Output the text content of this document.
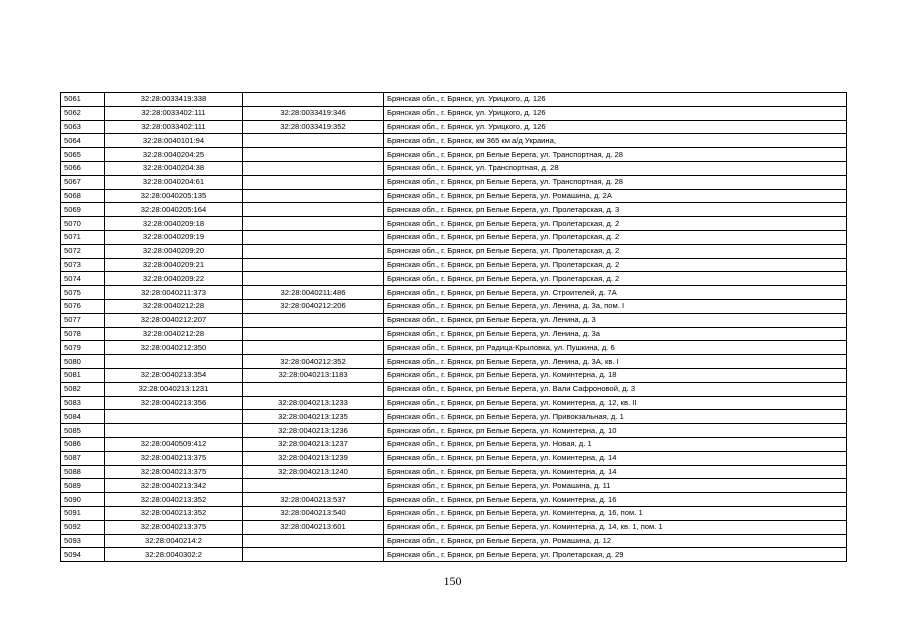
5061	32:28:0033419:338		Брянская обл., г. Брянск, ул. Урицкого, д. 126
5062	32:28:0033402:111	32:28:0033419:346	Брянская обл., г. Брянск, ул. Урицкого, д. 126
5063	32:28:0033402:111	32:28:0033419:352	Брянская обл., г. Брянск, ул. Урицкого, д. 126
5064	32:28:0040101:94		Брянская обл., г. Брянск, км 365 км а/д Украина,
5065	32:28:0040204:25		Брянская обл., г. Брянск, рп Белые Берега, ул. Транспортная, д. 28
5066	32:28:0040204:38		Брянская обл., г. Брянск, ул. Транспортная, д. 28
5067	32:28:0040204:61		Брянская обл., г. Брянск, рп Белые Берега, ул. Транспортная, д. 28
5068	32:28:0040205:135		Брянская обл., г. Брянск, рп Белые Берега, ул. Ромашина, д. 2А
5069	32:28:0040205:164		Брянская обл., г. Брянск, рп Белые Берега, ул. Пролетарская, д. 3
5070	32:28:0040209:18		Брянская обл., г. Брянск, рп Белые Берега, ул. Пролетарская, д. 2
5071	32:28:0040209:19		Брянская обл., г. Брянск, рп Белые Берега, ул. Пролетарская, д. 2
5072	32:28:0040209:20		Брянская обл., г. Брянск, рп Белые Берега, ул. Пролетарская, д. 2
5073	32:28:0040209:21		Брянская обл., г. Брянск, рп Белые Берега, ул. Пролетарская, д. 2
5074	32:28:0040209:22		Брянская обл., г. Брянск, рп Белые Берега, ул. Пролетарская, д. 2
5075	32:28:0040211:373	32:28:0040211:486	Брянская обл., г. Брянск, рп Белые Берега, ул. Строителей, д. 7А
5076	32:28:0040212:28	32:28:0040212:206	Брянская обл., г. Брянск, рп Белые Берега, ул. Ленина, д. 3а, пом. I
5077	32:28:0040212:207		Брянская обл., г. Брянск, рп Белые Берега, ул. Ленина, д. 3
5078	32:28:0040212:28		Брянская обл., г. Брянск, рп Белые Берега, ул. Ленина, д. 3а
5079	32:28:0040212:350		Брянская обл., г. Брянск, рп Радица-Крыловка, ул. Пушкина, д. 6
5080		32:28:0040212:352	Брянская обл., г. Брянск, рп Белые Берега, ул. Ленина, д. 3А, кв. I
5081	32:28:0040213:354	32:28:0040213:1183	Брянская обл., г. Брянск, рп Белые Берега, ул. Коминтерна, д. 18
5082	32:28:0040213:1231		Брянская обл., г. Брянск, рп Белые Берега, ул. Вали Сафроновой, д. 3
5083	32:28:0040213:356	32:28:0040213:1233	Брянская обл., г. Брянск, рп Белые Берега, ул. Коминтерна, д. 12, кв. II
5084		32:28:0040213:1235	Брянская обл., г. Брянск, рп Белые Берега, ул. Привокзальная, д. 1
5085		32:28:0040213:1236	Брянская обл., г. Брянск, рп Белые Берега, ул. Коминтерна, д. 10
5086	32:28:0040509:412	32:28:0040213:1237	Брянская обл., г. Брянск, рп Белые Берега, ул. Новая, д. 1
5087	32:28:0040213:375	32:28:0040213:1239	Брянская обл., г. Брянск, рп Белые Берега, ул. Коминтерна, д. 14
5088	32:28:0040213:375	32:28:0040213:1240	Брянская обл., г. Брянск, рп Белые Берега, ул. Коминтерна, д. 14
5089	32:28:0040213:342		Брянская обл., г. Брянск, рп Белые Берега, ул. Ромашина, д. 11
5090	32:28:0040213:352	32:28:0040213:537	Брянская обл., г. Брянск, рп Белые Берега, ул. Коминтерна, д. 16
5091	32:28:0040213:352	32:28:0040213:540	Брянская обл., г. Брянск, рп Белые Берега, ул. Коминтерна, д. 16, пом. 1
5092	32:28:0040213:375	32:28:0040213:601	Брянская обл., г. Брянск, рп Белые Берега, ул. Коминтерна, д. 14, кв. 1, пом. 1
5093	32:28:0040214:2		Брянская обл., г. Брянск, рп Белые Берега, ул. Ромашина, д. 12
5094	32:28:0040302:2		Брянская обл., г. Брянск, рп Белые Берега, ул. Пролетарская, д. 29
150
